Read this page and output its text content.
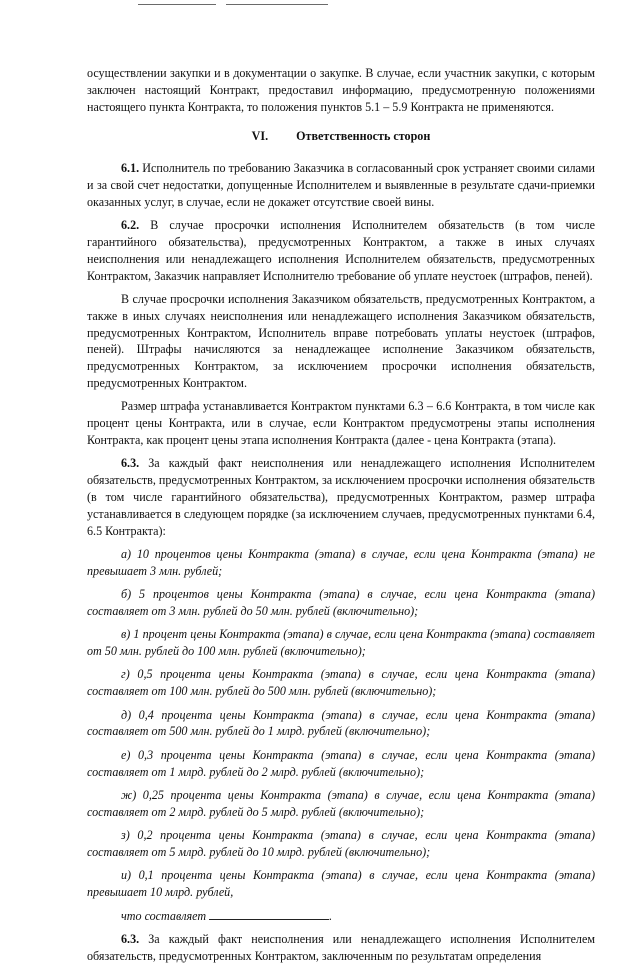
осуществлении закупки и в документации о закупке. В случае, если участник закупки, с которым заключен настоящий Контракт, предоставил информацию, предусмотренную положениями настоящего пункта Контракта, то положения пунктов 5.1 – 5.9 Контракта не применяются.

VI. Ответственность сторон

6.1. Исполнитель по требованию Заказчика в согласованный срок устраняет своими силами и за свой счет недостатки, допущенные Исполнителем и выявленные в результате сдачи-приемки оказанных услуг, в случае, если не докажет отсутствие своей вины.

6.2. В случае просрочки исполнения Исполнителем обязательств (в том числе гарантийного обязательства), предусмотренных Контрактом, а также в иных случаях неисполнения или ненадлежащего исполнения Исполнителем обязательств, предусмотренных Контрактом, Заказчик направляет Исполнителю требование об уплате неустоек (штрафов, пеней).

В случае просрочки исполнения Заказчиком обязательств, предусмотренных Контрактом, а также в иных случаях неисполнения или ненадлежащего исполнения Заказчиком обязательств, предусмотренных Контрактом, Исполнитель вправе потребовать уплаты неустоек (штрафов, пеней). Штрафы начисляются за ненадлежащее исполнение Заказчиком обязательств, предусмотренных Контрактом, за исключением просрочки исполнения обязательств, предусмотренных Контрактом.

Размер штрафа устанавливается Контрактом пунктами 6.3 – 6.6 Контракта, в том числе как процент цены Контракта, или в случае, если Контрактом предусмотрены этапы исполнения Контракта, как процент цены этапа исполнения Контракта (далее - цена Контракта (этапа).

6.3. За каждый факт неисполнения или ненадлежащего исполнения Исполнителем обязательств, предусмотренных Контрактом, за исключением просрочки исполнения обязательств (в том числе гарантийного обязательства), предусмотренных Контрактом, размер штрафа устанавливается в следующем порядке (за исключением случаев, предусмотренных пунктами 6.4, 6.5 Контракта):

а) 10 процентов цены Контракта (этапа) в случае, если цена Контракта (этапа) не превышает 3 млн. рублей;

б) 5 процентов цены Контракта (этапа) в случае, если цена Контракта (этапа) составляет от 3 млн. рублей до 50 млн. рублей (включительно);

в) 1 процент цены Контракта (этапа) в случае, если цена Контракта (этапа) составляет от 50 млн. рублей до 100 млн. рублей (включительно);

г) 0,5 процента цены Контракта (этапа) в случае, если цена Контракта (этапа) составляет от 100 млн. рублей до 500 млн. рублей (включительно);

д) 0,4 процента цены Контракта (этапа) в случае, если цена Контракта (этапа) составляет от 500 млн. рублей до 1 млрд. рублей (включительно);

е) 0,3 процента цены Контракта (этапа) в случае, если цена Контракта (этапа) составляет от 1 млрд. рублей до 2 млрд. рублей (включительно);

ж) 0,25 процента цены Контракта (этапа) в случае, если цена Контракта (этапа) составляет от 2 млрд. рублей до 5 млрд. рублей (включительно);

з) 0,2 процента цены Контракта (этапа) в случае, если цена Контракта (этапа) составляет от 5 млрд. рублей до 10 млрд. рублей (включительно);

и) 0,1 процента цены Контракта (этапа) в случае, если цена Контракта (этапа) превышает 10 млрд. рублей,

что составляет	.

6.3. За каждый факт неисполнения или ненадлежащего исполнения Исполнителем обязательств, предусмотренных Контрактом, заключенным по результатам определения
